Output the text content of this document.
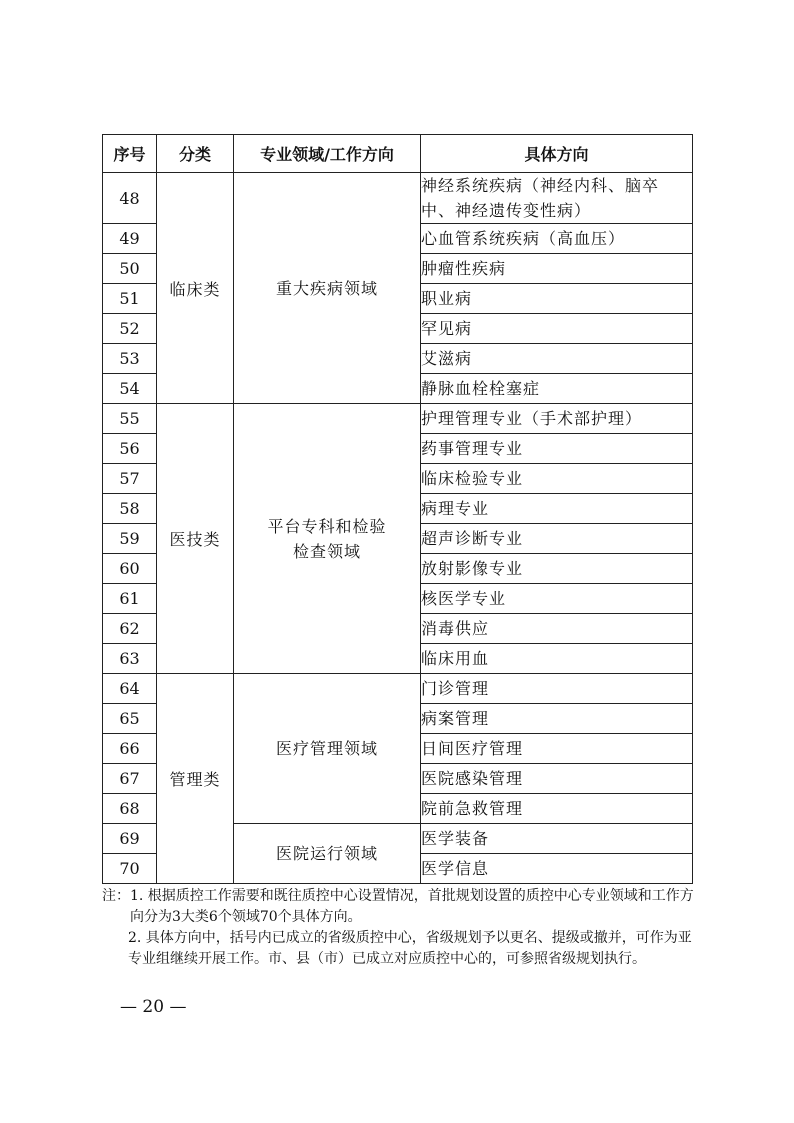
序号	分类	专业领域/工作方向	具体方向
48	临床类	重大疾病领域	神经系统疾病（神经内科、脑卒中、神经遗传变性病）
49			心血管系统疾病（高血压）
50			肿瘤性疾病
51			职业病
52			罕见病
53			艾滋病
54			静脉血栓栓塞症
55	医技类	平台专科和检验检查领域	护理管理专业（手术部护理）
56			药事管理专业
57			临床检验专业
58			病理专业
59			超声诊断专业
60			放射影像专业
61			核医学专业
62			消毒供应
63			临床用血
64	管理类	医疗管理领域	门诊管理
65			病案管理
66			日间医疗管理
67			医院感染管理
68			院前急救管理
69		医院运行领域	医学装备
70			医学信息
注： 1. 根据质控工作需要和既往质控中心设置情况，首批规划设置的质控中心专业领域和工作方向分为3大类6个领域70个具体方向。
2. 具体方向中，括号内已成立的省级质控中心，省级规划予以更名、提级或撤并，可作为亚专业组继续开展工作。市、县（市）已成立对应质控中心的，可参照省级规划执行。
— 20 —
